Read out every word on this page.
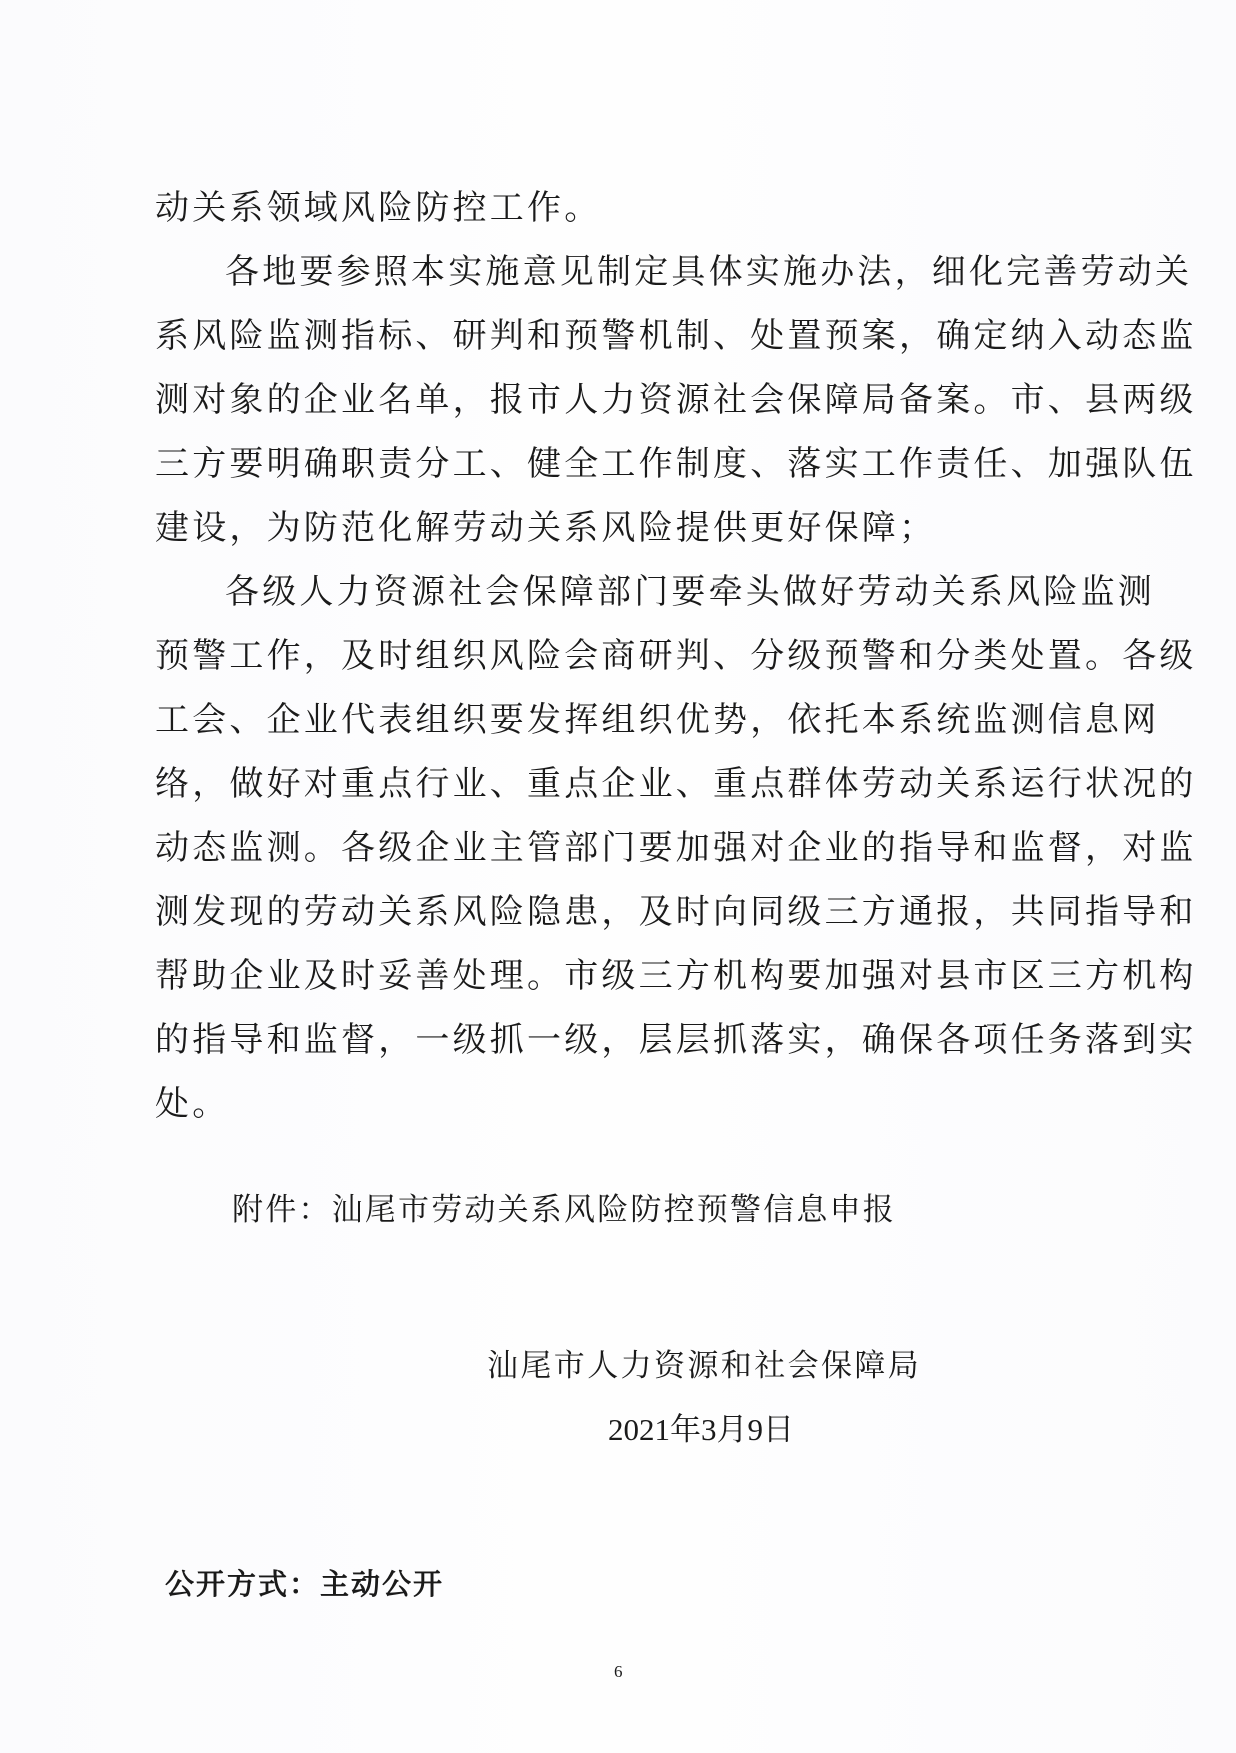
动关系领域风险防控工作。
各地要参照本实施意见制定具体实施办法，细化完善劳动关
系风险监测指标、研判和预警机制、处置预案，确定纳入动态监
测对象的企业名单，报市人力资源社会保障局备案。市、县两级
三方要明确职责分工、健全工作制度、落实工作责任、加强队伍
建设，为防范化解劳动关系风险提供更好保障；
各级人力资源社会保障部门要牵头做好劳动关系风险监测
预警工作，及时组织风险会商研判、分级预警和分类处置。各级
工会、企业代表组织要发挥组织优势，依托本系统监测信息网
络，做好对重点行业、重点企业、重点群体劳动关系运行状况的
动态监测。各级企业主管部门要加强对企业的指导和监督，对监
测发现的劳动关系风险隐患，及时向同级三方通报，共同指导和
帮助企业及时妥善处理。市级三方机构要加强对县市区三方机构
的指导和监督，一级抓一级，层层抓落实，确保各项任务落到实
处。
附件：汕尾市劳动关系风险防控预警信息申报
汕尾市人力资源和社会保障局
2021年3月9日
公开方式：主动公开
6
